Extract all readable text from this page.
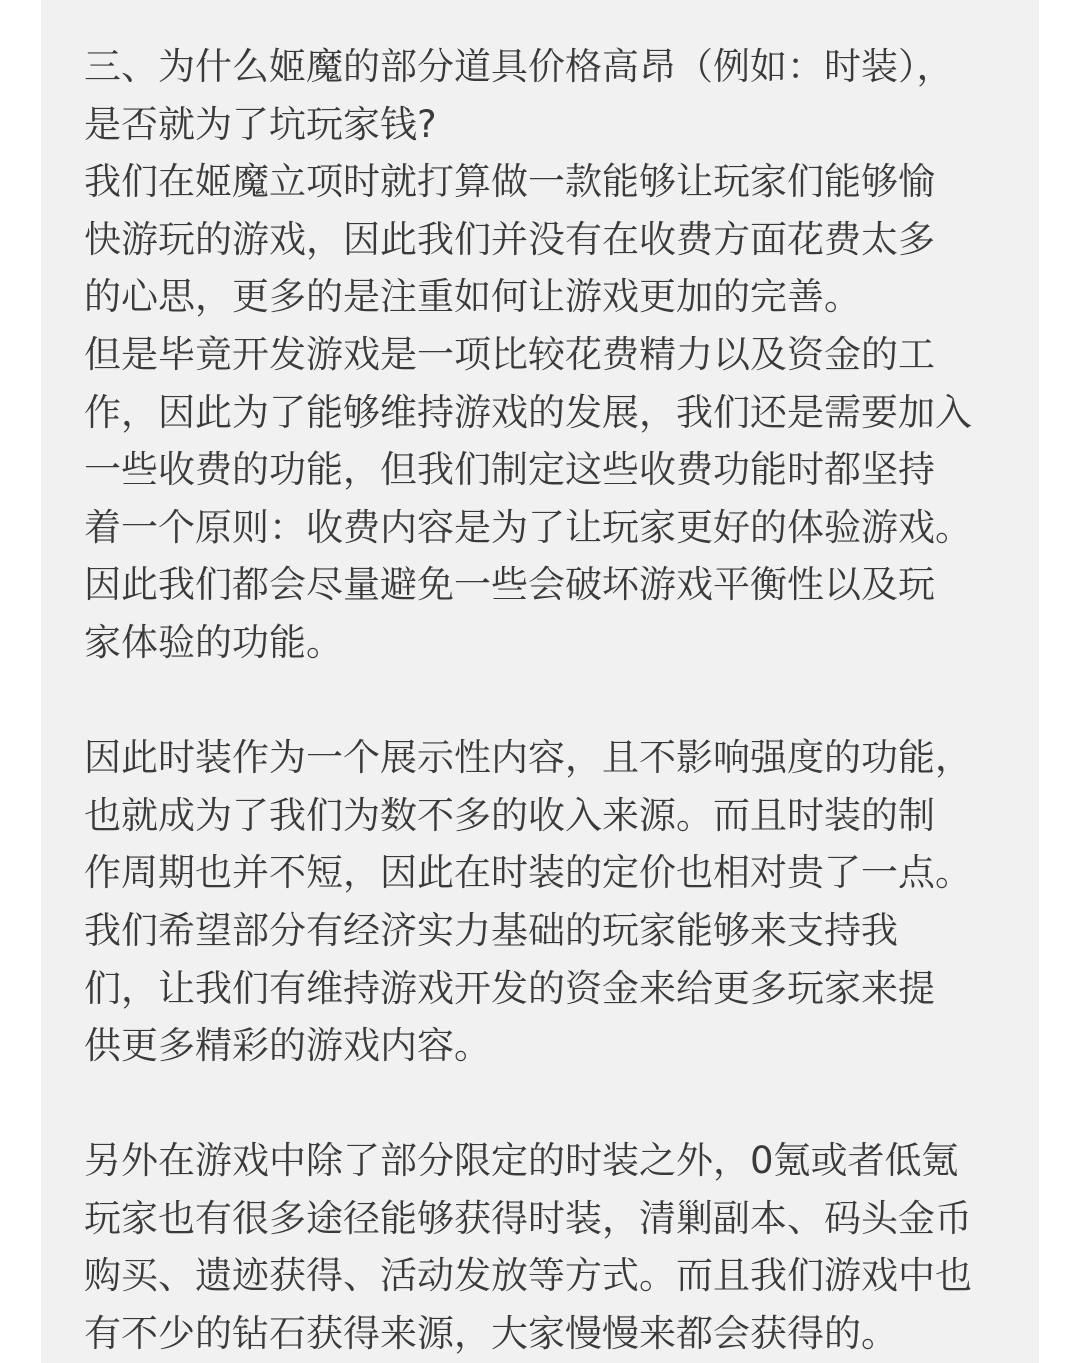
三、为什么姬魔的部分道具价格高昂（例如：时装），
是否就为了坑玩家钱?

我们在姬魔立项时就打算做一款能够让玩家们能够愉
快游玩的游戏，因此我们并没有在收费方面花费太多
的心思，更多的是注重如何让游戏更加的完善。
但是毕竟开发游戏是一项比较花费精力以及资金的工
作，因此为了能够维持游戏的发展，我们还是需要加入
一些收费的功能，但我们制定这些收费功能时都坚持
着一个原则：收费内容是为了让玩家更好的体验游戏。
因此我们都会尽量避免一些会破坏游戏平衡性以及玩
家体验的功能。

因此时装作为一个展示性内容，且不影响强度的功能，
也就成为了我们为数不多的收入来源。而且时装的制
作周期也并不短，因此在时装的定价也相对贵了一点。
我们希望部分有经济实力基础的玩家能够来支持我
们，让我们有维持游戏开发的资金来给更多玩家来提
供更多精彩的游戏内容。

另外在游戏中除了部分限定的时装之外，0氪或者低氪
玩家也有很多途径能够获得时装，清剿副本、码头金币
购买、遗迹获得、活动发放等方式。而且我们游戏中也
有不少的钻石获得来源，大家慢慢来都会获得的。
